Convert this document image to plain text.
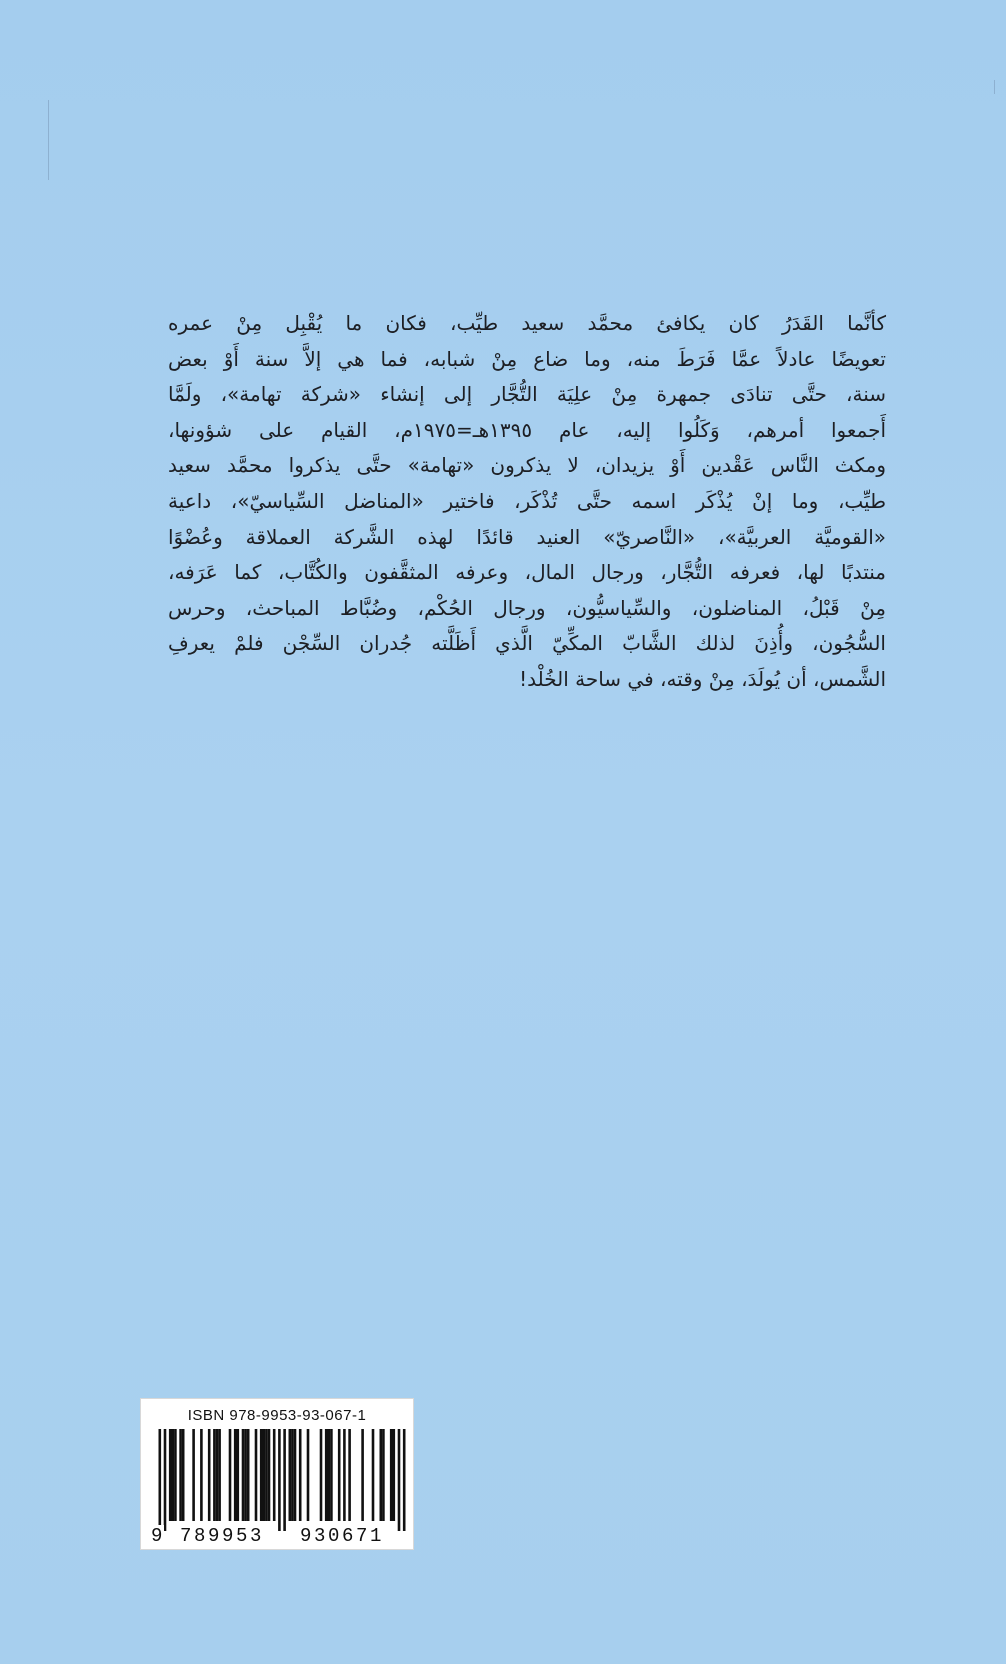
كأنَّما القَدَرُ كان يكافئ محمَّد سعيد طيِّب، فكان ما يُقْبِل مِنْ عمره
تعويضًا عادلاً عمَّا فَرَطَ منه، وما ضاع مِنْ شبابه، فما هي إلاَّ سنة أَوْ بعض
سنة، حتَّى تنادَى جمهرة مِنْ علِيَة التُّجَّار إلى إنشاء «شركة تهامة»، ولَمَّا
أَجمعوا أمرهم، وَكَلُوا إليه، عام ١٣٩٥هـ=١٩٧٥م، القيام على شؤونها،
ومكث النَّاس عَقْدين أَوْ يزيدان، لا يذكرون «تهامة» حتَّى يذكروا محمَّد سعيد
طيِّب، وما إنْ يُذْكَر اسمه حتَّى تُذْكَر، فاختير «المناضل السِّياسيّ»، داعية
«القوميَّة العربيَّة»، «النَّاصريّ» العنيد قائدًا لهذه الشَّركة العملاقة وعُضْوًا
منتدبًا لها، فعرفه التُّجَّار، ورجال المال، وعرفه المثقَّفون والكُتَّاب، كما عَرَفه،
مِنْ قَبْلُ، المناضلون، والسِّياسيُّون، ورجال الحُكْم، وضُبَّاط المباحث، وحرس
السُّجُون، وأُذِنَ لذلك الشَّابّ المكِّيّ الَّذي أَظَلَّته جُدران السِّجْن فلمْ يعرفِ
الشَّمس، أن يُولَدَ، مِنْ وقته، في ساحة الخُلْد!
ISBN 978-9953-93-067-1
9 789953 930671
